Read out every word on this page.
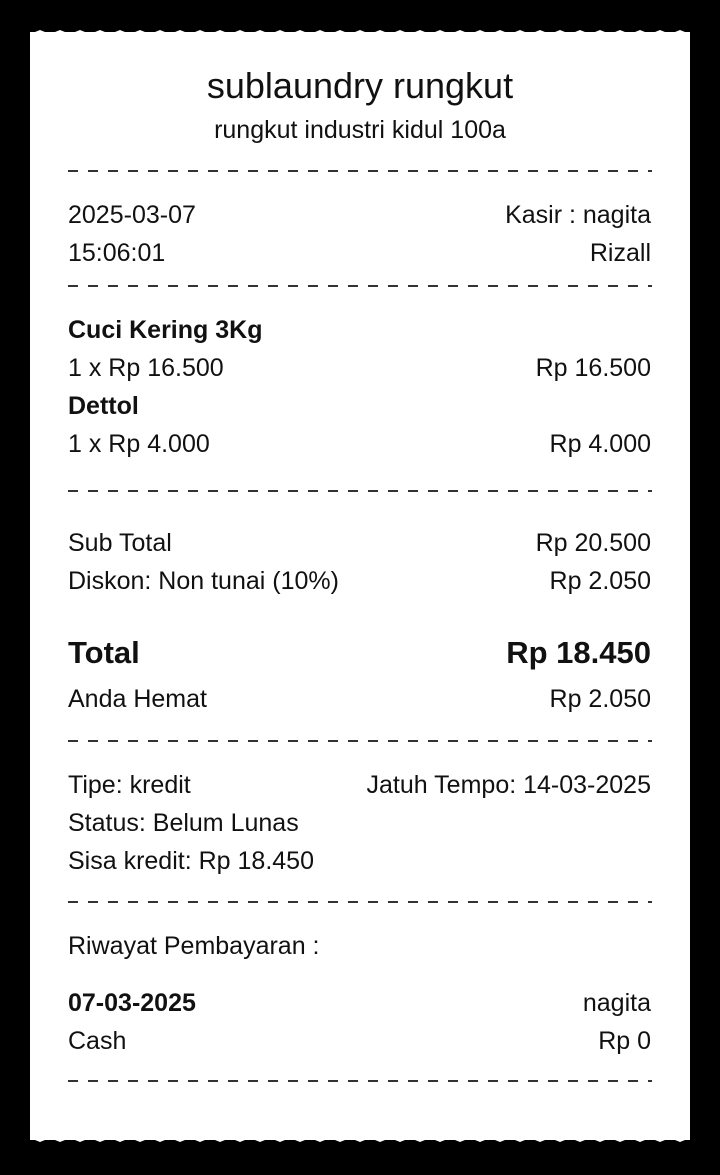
sublaundry rungkut
rungkut industri kidul 100a
2025-03-07	Kasir : nagita
15:06:01	Rizall
Cuci Kering 3Kg
1 x Rp 16.500	Rp 16.500
Dettol
1 x Rp 4.000	Rp 4.000
Sub Total	Rp 20.500
Diskon: Non tunai (10%)	Rp 2.050
Total	Rp 18.450
Anda Hemat	Rp 2.050
Tipe: kredit	Jatuh Tempo: 14-03-2025
Status: Belum Lunas
Sisa kredit: Rp 18.450
Riwayat Pembayaran :
07-03-2025	nagita
Cash	Rp 0
